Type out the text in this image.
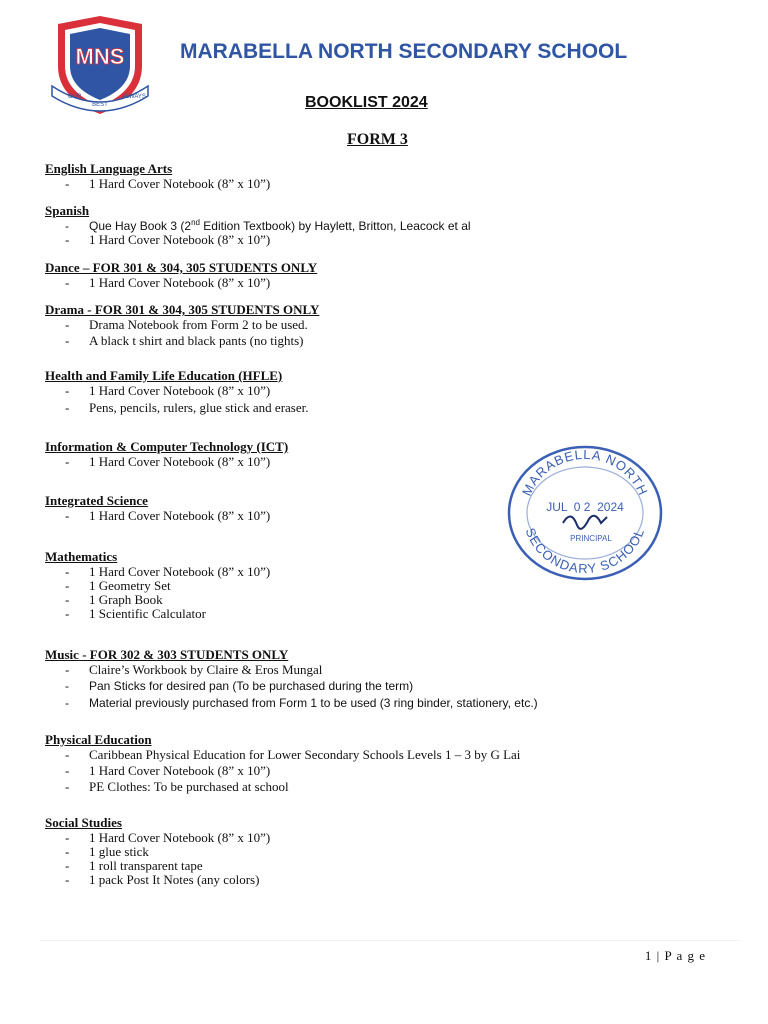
MNS
OUR
BEST
ALWAYS
MARABELLA NORTH SECONDARY SCHOOL
BOOKLIST 2024
FORM 3
English Language Arts
- 1 Hard Cover Notebook (8” x 10”)
Spanish
- Que Hay Book 3 (2nd Edition Textbook) by Haylett, Britton, Leacock et al
- 1 Hard Cover Notebook (8” x 10”)
Dance – FOR 301 & 304, 305 STUDENTS ONLY
- 1 Hard Cover Notebook (8” x 10”)
Drama - FOR 301 & 304, 305 STUDENTS ONLY
- Drama Notebook from Form 2 to be used.
- A black t shirt and black pants (no tights)
Health and Family Life Education (HFLE)
- 1 Hard Cover Notebook (8” x 10”)
- Pens, pencils, rulers, glue stick and eraser.
Information & Computer Technology (ICT)
- 1 Hard Cover Notebook (8” x 10”)
Integrated Science
- 1 Hard Cover Notebook (8” x 10”)
Mathematics
- 1 Hard Cover Notebook (8” x 10”)
- 1 Geometry Set
- 1 Graph Book
- 1 Scientific Calculator
Music - FOR 302 & 303 STUDENTS ONLY
- Claire’s Workbook by Claire & Eros Mungal
- Pan Sticks for desired pan (To be purchased during the term)
- Material previously purchased from Form 1 to be used (3 ring binder, stationery, etc.)
Physical Education
- Caribbean Physical Education for Lower Secondary Schools Levels 1 – 3 by G Lai
- 1 Hard Cover Notebook (8” x 10”)
- PE Clothes: To be purchased at school
Social Studies
- 1 Hard Cover Notebook (8” x 10”)
- 1 glue stick
- 1 roll transparent tape
- 1 pack Post It Notes (any colors)
MARABELLA NORTH
SECONDARY SCHOOL
JUL  0 2  2024
PRINCIPAL
1 | P a g e
